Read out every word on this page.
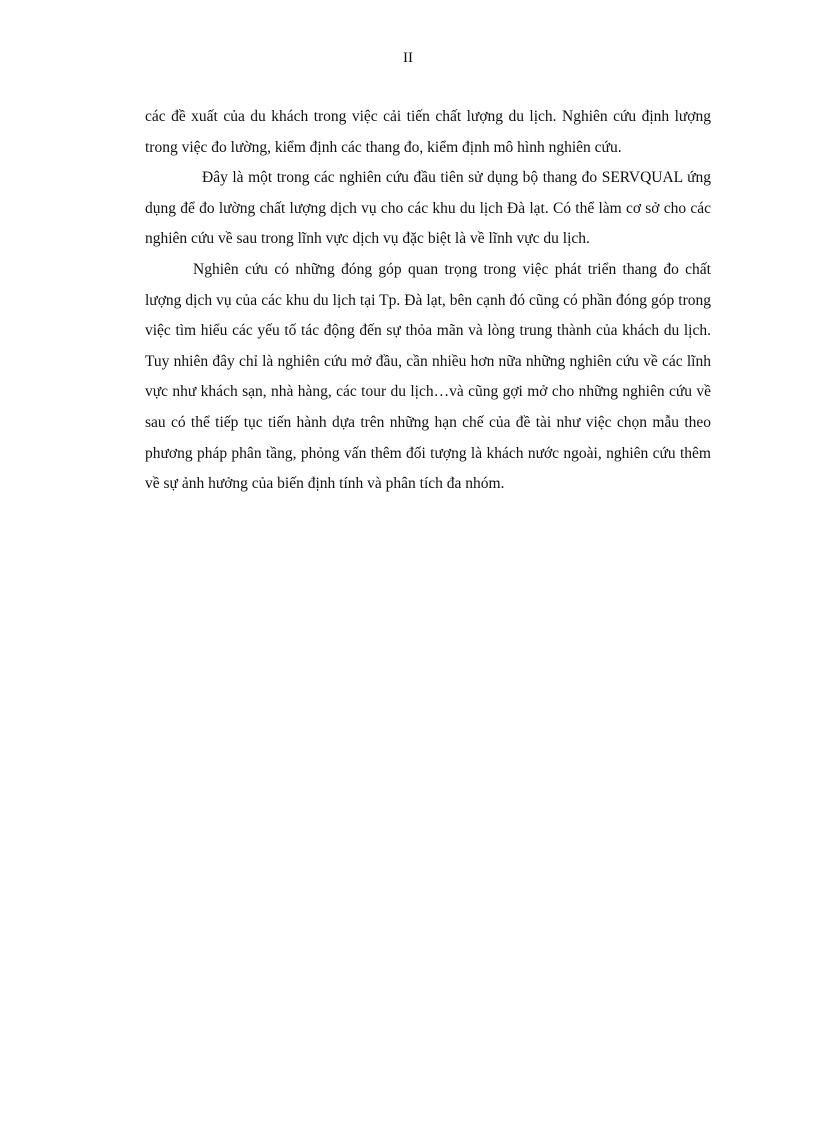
II

các đề xuất của du khách trong việc cải tiến chất lượng du lịch. Nghiên cứu định lượng trong việc đo lường, kiểm định các thang đo, kiểm định mô hình nghiên cứu.

Đây là một trong các nghiên cứu đầu tiên sử dụng bộ thang đo SERVQUAL ứng dụng để đo lường chất lượng dịch vụ cho các khu du lịch Đà lạt. Có thể làm cơ sở cho các nghiên cứu về sau trong lĩnh vực dịch vụ đặc biệt là về lĩnh vực du lịch.

Nghiên cứu có những đóng góp quan trọng trong việc phát triển thang đo chất lượng dịch vụ của các khu du lịch tại Tp. Đà lạt, bên cạnh đó cũng có phần đóng góp trong việc tìm hiểu các yếu tố tác động đến sự thỏa mãn và lòng trung thành của khách du lịch. Tuy nhiên đây chỉ là nghiên cứu mở đầu, cần nhiều hơn nữa những nghiên cứu về các lĩnh vực như khách sạn, nhà hàng, các tour du lịch…và cũng gợi mở cho những nghiên cứu về sau có thể tiếp tục tiến hành dựa trên những hạn chế của đề tài như việc chọn mẫu theo phương pháp phân tầng, phỏng vấn thêm đối tượng là khách nước ngoài, nghiên cứu thêm về sự ảnh hưởng của biến định tính và phân tích đa nhóm.
